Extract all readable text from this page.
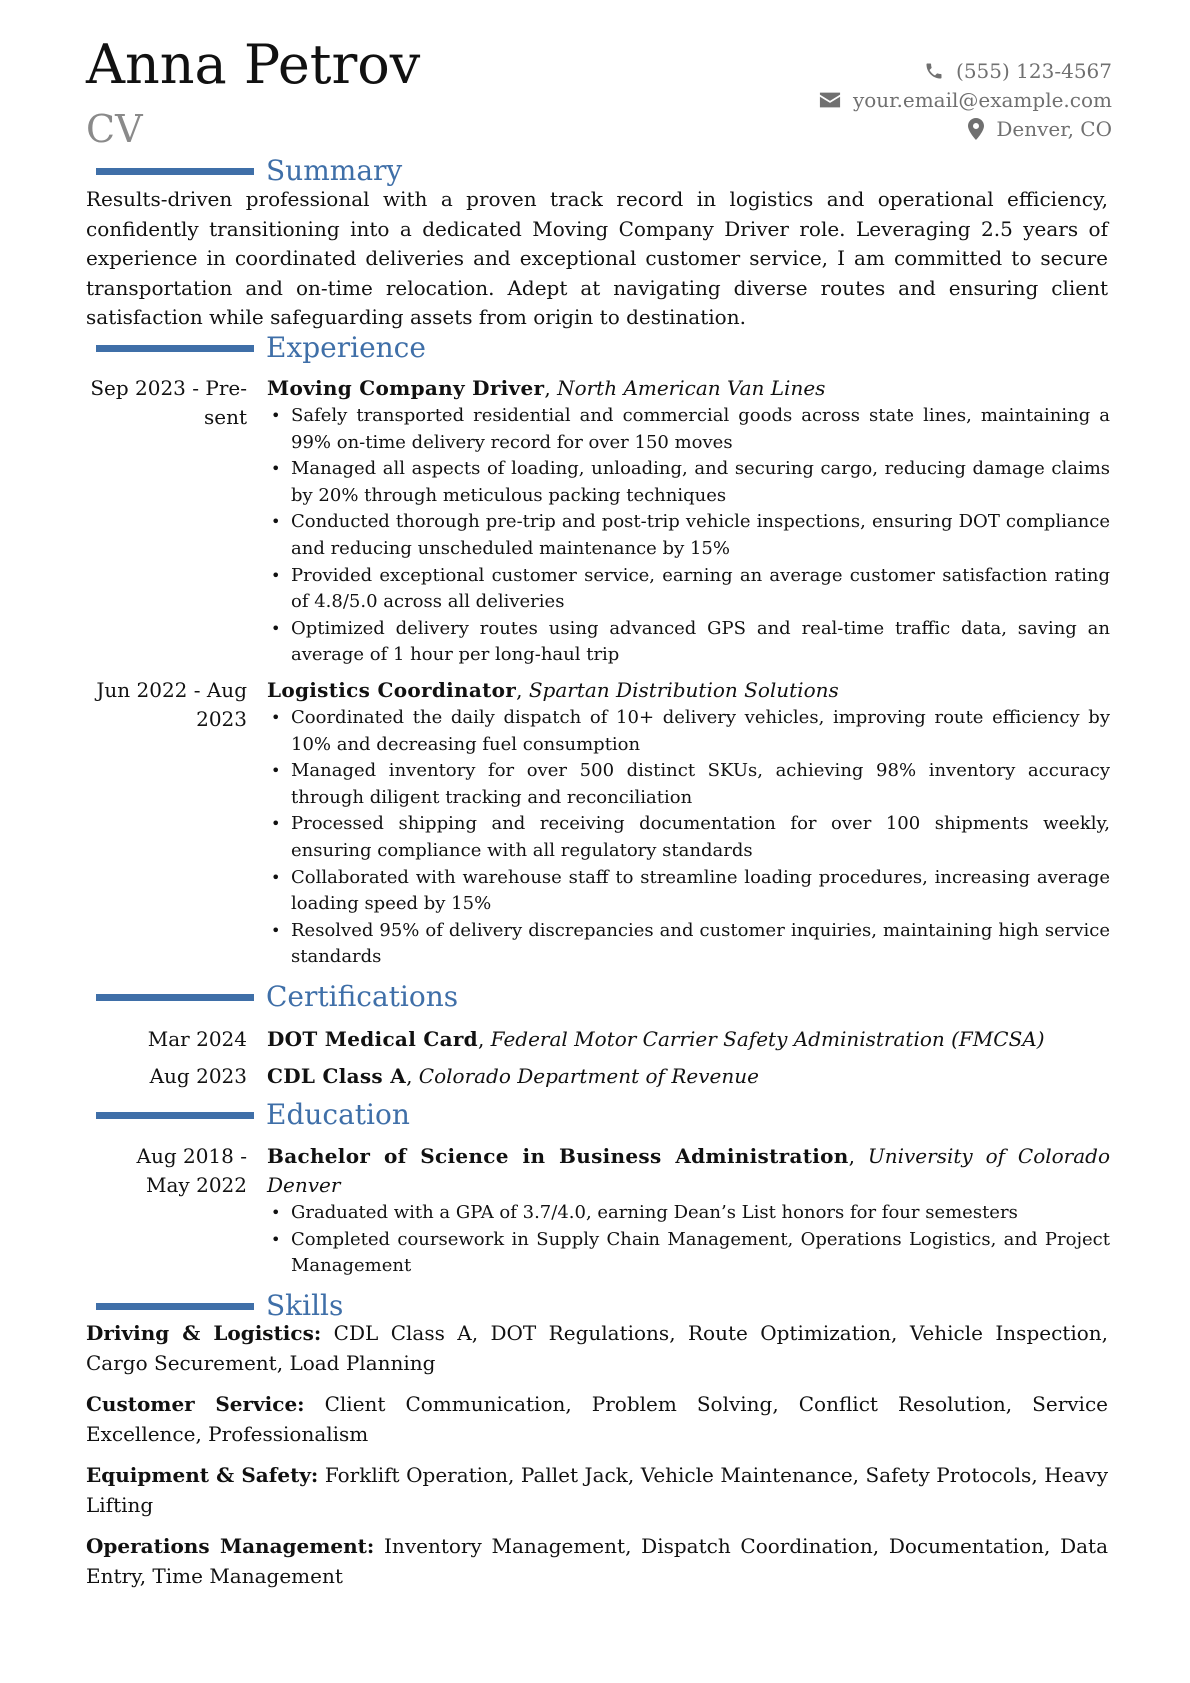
Anna Petrov
CV
(555) 123-4567
your.email@example.com
Denver, CO
Summary
Results-driven professional with a proven track record in logistics and operational efficiency, confidently transitioning into a dedicated Moving Company Driver role. Leveraging 2.5 years of experience in coordinated deliveries and exceptional customer service, I am committed to secure transportation and on-time relocation. Adept at navigating diverse routes and ensuring client satisfaction while safeguarding assets from origin to destination.
Experience
Sep 2023 - Pre-
sent
Moving Company Driver, North American Van Lines
• Safely transported residential and commercial goods across state lines, maintaining a 99% on-time delivery record for over 150 moves
• Managed all aspects of loading, unloading, and securing cargo, reducing damage claims by 20% through meticulous packing techniques
• Conducted thorough pre-trip and post-trip vehicle inspections, ensuring DOT compliance and reducing unscheduled maintenance by 15%
• Provided exceptional customer service, earning an average customer satisfaction rating of 4.8/5.0 across all deliveries
• Optimized delivery routes using advanced GPS and real-time traffic data, saving an average of 1 hour per long-haul trip
Jun 2022 - Aug
2023
Logistics Coordinator, Spartan Distribution Solutions
• Coordinated the daily dispatch of 10+ delivery vehicles, improving route efficiency by 10% and decreasing fuel consumption
• Managed inventory for over 500 distinct SKUs, achieving 98% inventory accuracy through diligent tracking and reconciliation
• Processed shipping and receiving documentation for over 100 shipments weekly, ensuring compliance with all regulatory standards
• Collaborated with warehouse staff to streamline loading procedures, increasing average loading speed by 15%
• Resolved 95% of delivery discrepancies and customer inquiries, maintaining high service standards
Certifications
Mar 2024 DOT Medical Card, Federal Motor Carrier Safety Administration (FMCSA)
Aug 2023 CDL Class A, Colorado Department of Revenue
Education
Aug 2018 -
May 2022
Bachelor of Science in Business Administration, University of Colorado Denver
• Graduated with a GPA of 3.7/4.0, earning Dean’s List honors for four semesters
• Completed coursework in Supply Chain Management, Operations Logistics, and Project Management
Skills
Driving & Logistics: CDL Class A, DOT Regulations, Route Optimization, Vehicle Inspection, Cargo Securement, Load Planning
Customer Service: Client Communication, Problem Solving, Conflict Resolution, Service Excellence, Professionalism
Equipment & Safety: Forklift Operation, Pallet Jack, Vehicle Maintenance, Safety Protocols, Heavy Lifting
Operations Management: Inventory Management, Dispatch Coordination, Documentation, Data Entry, Time Management
